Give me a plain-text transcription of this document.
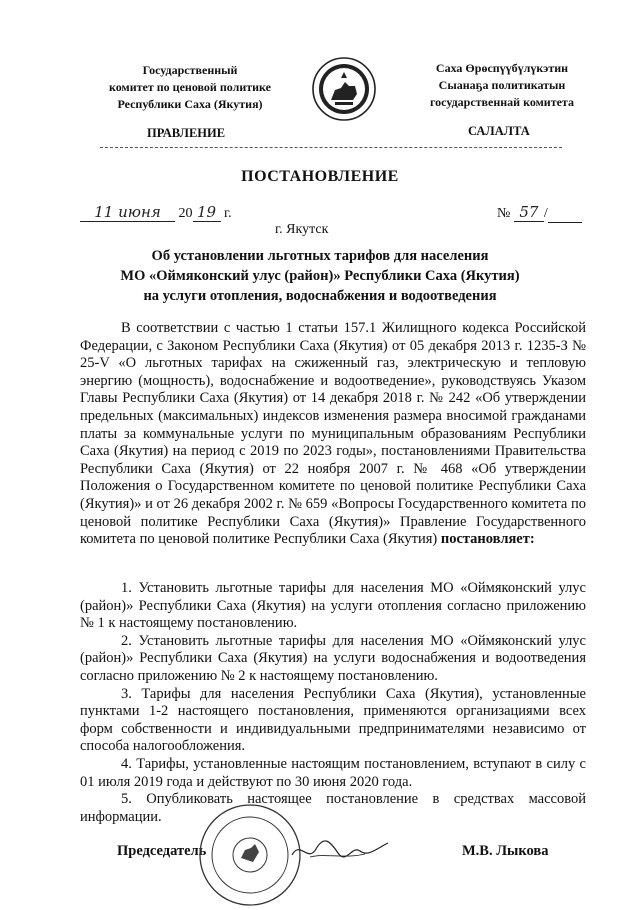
Государственный
комитет по ценовой политике
Республики Саха (Якутия)
ПРАВЛЕНИЕ
Саха Өрөспүүбүлүкэтин
Сыанаҕа политикатын
государственнай комитета
САЛАЛТА
ПОСТАНОВЛЕНИЕ
11 июня 20 19 г.	№ 57 /
г. Якутск
Об установлении льготных тарифов для населения
МО «Оймяконский улус (район)» Республики Саха (Якутия)
на услуги отопления, водоснабжения и водоотведения
В соответствии с частью 1 статьи 157.1 Жилищного кодекса Российской Федерации, с Законом Республики Саха (Якутия) от 05 декабря 2013 г. 1235-З № 25-V «О льготных тарифах на сжиженный газ, электрическую и тепловую энергию (мощность), водоснабжение и водоотведение», руководствуясь Указом Главы Республики Саха (Якутия) от 14 декабря 2018 г. № 242 «Об утверждении предельных (максимальных) индексов изменения размера вносимой гражданами платы за коммунальные услуги по муниципальным образованиям Республики Саха (Якутия) на период с 2019 по 2023 годы», постановлениями Правительства Республики Саха (Якутия) от 22 ноября 2007 г. № 468 «Об утверждении Положения о Государственном комитете по ценовой политике Республики Саха (Якутия)» и от 26 декабря 2002 г. № 659 «Вопросы Государственного комитета по ценовой политике Республики Саха (Якутия)» Правление Государственного комитета по ценовой политике Республики Саха (Якутия) постановляет:

1. Установить льготные тарифы для населения МО «Оймяконский улус (район)» Республики Саха (Якутия) на услуги отопления согласно приложению № 1 к настоящему постановлению.

2. Установить льготные тарифы для населения МО «Оймяконский улус (район)» Республики Саха (Якутия) на услуги водоснабжения и водоотведения согласно приложению № 2 к настоящему постановлению.

3. Тарифы для населения Республики Саха (Якутия), установленные пунктами 1-2 настоящего постановления, применяются организациями всех форм собственности и индивидуальными предпринимателями независимо от способа налогообложения.

4. Тарифы, установленные настоящим постановлением, вступают в силу с 01 июля 2019 года и действуют по 30 июня 2020 года.

5. Опубликовать настоящее постановление в средствах массовой информации.

Председатель	М.В. Лыкова
